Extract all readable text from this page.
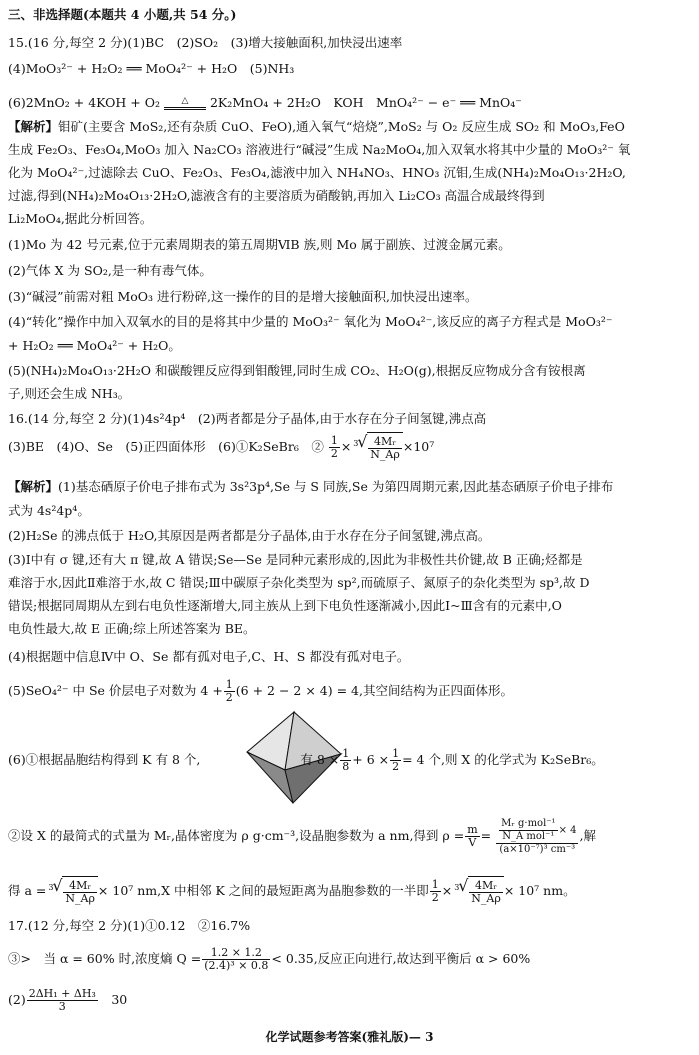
三、非选择题(本题共 4 小题,共 54 分。)
15.(16 分,每空 2 分)(1)BC　(2)SO₂　(3)增大接触面积,加快浸出速率
(4)MoO₃²⁻ + H₂O₂ ══ MoO₄²⁻ + H₂O　(5)NH₃
(6)2MnO₂ + 4KOH + O₂	△	2K₂MnO₄ + 2H₂O　KOH　MnO₄²⁻ − e⁻ ══ MnO₄⁻
【解析】钼矿(主要含 MoS₂,还有杂质 CuO、FeO),通入氧气“焙烧”,MoS₂ 与 O₂ 反应生成 SO₂ 和 MoO₃,FeO
生成 Fe₂O₃、Fe₃O₄,MoO₃ 加入 Na₂CO₃ 溶液进行“碱浸”生成 Na₂MoO₄,加入双氧水将其中少量的 MoO₃²⁻ 氧
化为 MoO₄²⁻,过滤除去 CuO、Fe₂O₃、Fe₃O₄,滤液中加入 NH₄NO₃、HNO₃ 沉钼,生成(NH₄)₂Mo₄O₁₃·2H₂O,
过滤,得到(NH₄)₂Mo₄O₁₃·2H₂O,滤液含有的主要溶质为硝酸钠,再加入 Li₂CO₃ 高温合成最终得到
Li₂MoO₄,据此分析回答。
(1)Mo 为 42 号元素,位于元素周期表的第五周期ⅥB 族,则 Mo 属于副族、过渡金属元素。
(2)气体 X 为 SO₂,是一种有毒气体。
(3)“碱浸”前需对粗 MoO₃ 进行粉碎,这一操作的目的是增大接触面积,加快浸出速率。
(4)“转化”操作中加入双氧水的目的是将其中少量的 MoO₃²⁻ 氧化为 MoO₄²⁻,该反应的离子方程式是 MoO₃²⁻
+ H₂O₂ ══ MoO₄²⁻ + H₂O。
(5)(NH₄)₂Mo₄O₁₃·2H₂O 和碳酸锂反应得到钼酸锂,同时生成 CO₂、H₂O(g),根据反应物成分含有铵根离
子,则还会生成 NH₃。
16.(14 分,每空 2 分)(1)4s²4p⁴　(2)两者都是分子晶体,由于水存在分子间氢键,沸点高
(3)BE　(4)O、Se　(5)正四面体形　(6)①K₂SeBr₆　② $\frac{1}{2} \times 3$
√ $\frac{\text{4Mᵣ}}{N\_A\rho} \times 10^7$
【解析】(1)基态硒原子价电子排布式为 3s²3p⁴,Se 与 S 同族,Se 为第四周期元素,因此基态硒原子价电子排布
式为 4s²4p⁴。
(2)H₂Se 的沸点低于 H₂O,其原因是两者都是分子晶体,由于水存在分子间氢键,沸点高。
(3)Ⅰ中有 σ 键,还有大 π 键,故 A 错误;Se—Se 是同种元素形成的,因此为非极性共价键,故 B 正确;烃都是
难溶于水,因此Ⅱ难溶于水,故 C 错误;Ⅲ中碳原子杂化类型为 sp²,而硫原子、氮原子的杂化类型为 sp³,故 D
错误;根据同周期从左到右电负性逐渐增大,同主族从上到下电负性逐渐减小,因此Ⅰ~Ⅲ含有的元素中,O
电负性最大,故 E 正确;综上所述答案为 BE。
(4)根据题中信息Ⅳ中 O、Se 都有孤对电子,C、H、S 都没有孤对电子。
(5)SeO₄²⁻ 中 Se 价层电子对数为 $4 + \frac{1}{2} (6 + 2 - 2 \times 4) = 4$,其空间结构为正四面体形。
(6)①根据晶胞结构得到 K 有 8 个,	有 $8 \times \frac{1}{8} + 6 \times \frac{1}{2} = 4$ 个,则 X 的化学式为 K₂SeBr₆。
②设 X 的最简式的式量为 Mᵣ,晶体密度为 ρ g·cm⁻³,设晶胞参数为 a nm,得到 $\rho = \frac{m}{V} = \frac{\frac{\text{Mᵣ g·mol⁻¹}}{\text{N\_A mol⁻¹}} \times 4}{\text{(a×10⁻⁷)³ cm⁻³}}$ ,解
得 a = 3
√ $\frac{\text{4Mᵣ}}{N\_A\rho} \times 10^7$ nm,X 中相邻 K 之间的最短距离为晶胞参数的一半即 $\frac{1}{2} \times 3$
√ $\frac{\text{4Mᵣ}}{N\_A\rho} \times 10^7$ nm。
17.(12 分,每空 2 分)(1)①0.12　②16.7%
③>　当 α = 60% 时,浓度熵 $Q = \frac{1.2 \times 1.2}{\text{(2.4)³ × 0.8}} < 0.35$,反应正向进行,故达到平衡后 α > 60%
$(2) \frac{\text{2ΔH₁ + ΔH₃}}{3}$ 　30
化学试题参考答案(雅礼版)— 3
